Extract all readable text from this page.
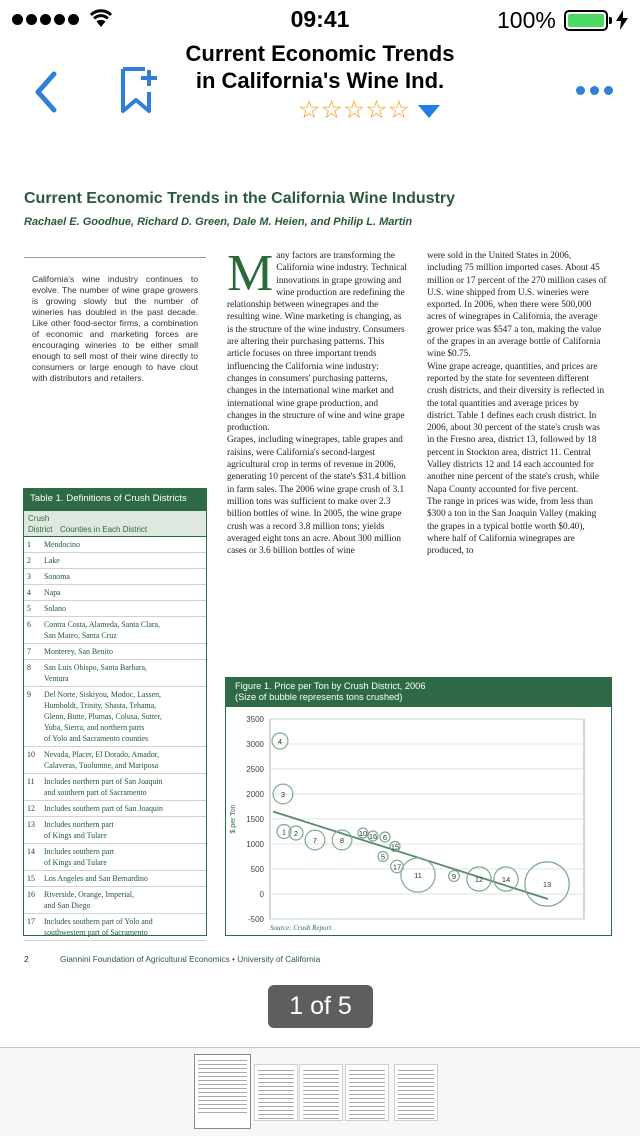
09:41	100%
Current Economic Trends in California's Wine Ind.
☆☆☆☆☆
Current Economic Trends in the California Wine Industry
Rachael E. Goodhue, Richard D. Green, Dale M. Heien, and Philip L. Martin
California's wine industry continues to evolve. The number of wine grape growers is growing slowly but the number of wineries has doubled in the past decade. Like other food-sector firms, a combination of economic and marketing forces are encouraging wineries to be either small enough to sell most of their wine directly to consumers or large enough to have clout with distributors and retailers.
Many factors are transforming the California wine industry. Technical innovations in grape growing and wine production are redefining the relationship between winegrapes and the resulting wine. Wine marketing is changing, as is the structure of the wine industry. Consumers are altering their purchasing patterns. This article focuses on three important trends influencing the California wine industry: changes in consumers' purchasing patterns, changes in the international wine market and international wine grape production, and changes in the structure of wine and wine grape production.
Grapes, including winegrapes, table grapes and raisins, were California's second-largest agricultural crop in terms of revenue in 2006, generating 10 percent of the state's $31.4 billion in farm sales. The 2006 wine grape crush of 3.1 million tons was sufficient to make over 2.3 billion bottles of wine. In 2005, the wine grape crush was a record 3.8 million tons; yields averaged eight tons an acre. About 300 million cases or 3.6 billion bottles of wine
were sold in the United States in 2006, including 75 million imported cases. About 45 million or 17 percent of the 270 million cases of U.S. wine shipped from U.S. wineries were exported. In 2006, when there were 500,000 acres of winegrapes in California, the average grower price was $547 a ton, making the value of the grapes in an average bottle of California wine $0.75.
Wine grape acreage, quantities, and prices are reported by the state for seventeen different crush districts, and their diversity is reflected in the total quantities and average prices by district. Table 1 defines each crush district. In 2006, about 30 percent of the state's crush was in the Fresno area, district 13, followed by 18 percent in Stockton area, district 11. Central Valley districts 12 and 14 each accounted for another nine percent of the state's crush, while Napa County accounted for five percent.
The range in prices was wide, from less than $300 a ton in the San Joaquin Valley (making the grapes in a typical bottle worth $0.40), where half of California winegrapes are produced, to
Table 1. Definitions of Crush Districts
Crush
District Counties in Each District
1	Mendocino
2	Lake
3	Sonoma
4	Napa
5	Solano
6	Contra Costa, Alameda, Santa Clara,
San Mateo, Santa Cruz
7	Monterey, San Benito
8	San Luis Obispo, Santa Barbara,
Ventura
9	Del Norte, Siskiyou, Modoc, Lassen,
Humboldt, Trinity, Shasta, Tehama,
Glenn, Butte, Plumas, Colusa, Sutter,
Yuba, Sierra, and northern parts
of Yolo and Sacramento counties
10	Nevada, Placer, El Dorado, Amador,
Calaveras, Tuolumne, and Mariposa
11	Includes northern part of San Joaquin
and southern part of Sacramento
12	Includes southern part of San Joaquin
13	Includes northern part
of Kings and Tulare
14	Includes southern part
of Kings and Tulare
15	Los Angeles and San Bernardino
16	Riverside, Orange, Imperial,
and San Diego
17	Includes southern part of Yolo and
southwestern part of Sacramento
Figure 1. Price per Ton by Crush District, 2006
(Size of bubble represents tons crushed)
-500
0
500
1000
1500
2000
2500
3000
3500
$ per Ton	1 2
3
4
5
6
7	8
9
10
11	12
13
14
15
16
17
Source: Crush Report
2	Giannini Foundation of Agricultural Economics • University of California
1 of 5
